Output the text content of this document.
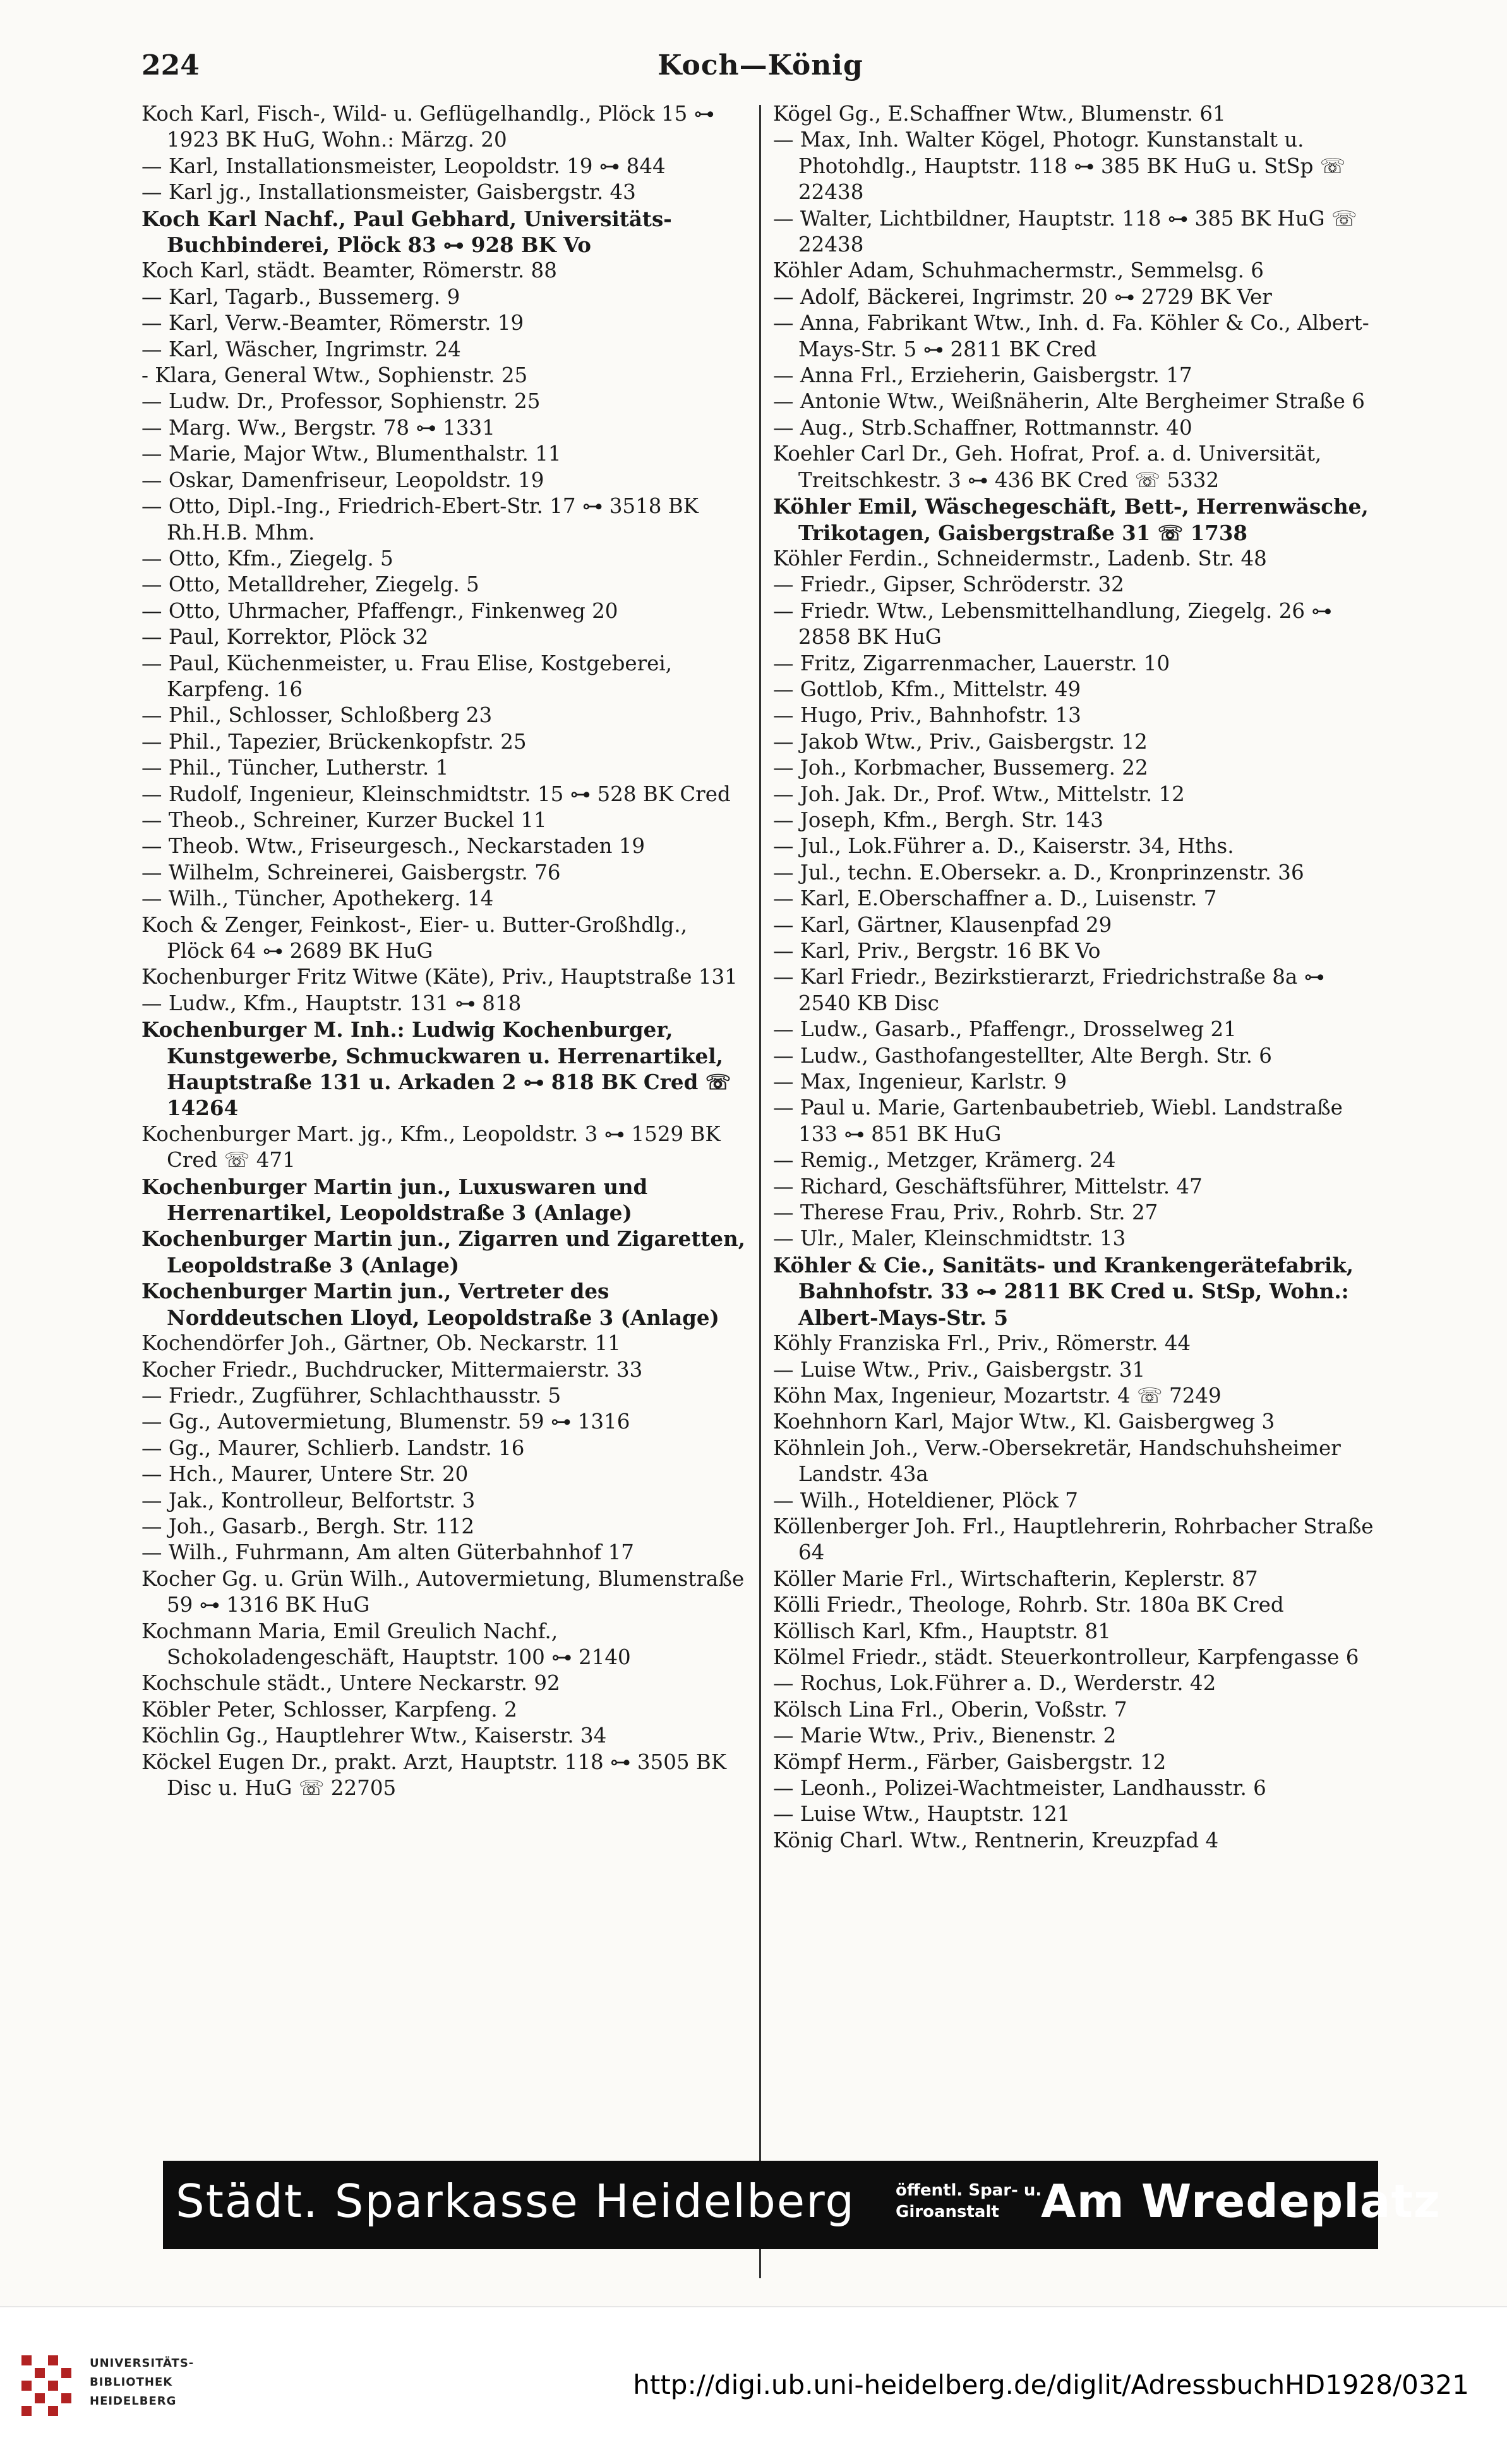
224	Koch—König

Koch Karl, Fisch-, Wild- u. Geflügelhandlg., Plöck 15 ⊶ 1923 BK HuG, Wohn.: Märzg. 20

— Karl, Installationsmeister, Leopoldstr. 19 ⊶ 844

— Karl jg., Installationsmeister, Gaisbergstr. 43

Koch Karl Nachf., Paul Gebhard, Universitäts-Buchbinderei, Plöck 83 ⊶ 928 BK Vo

Koch Karl, städt. Beamter, Römerstr. 88

— Karl, Tagarb., Bussemerg. 9

— Karl, Verw.-Beamter, Römerstr. 19

— Karl, Wäscher, Ingrimstr. 24

- Klara, General Wtw., Sophienstr. 25

— Ludw. Dr., Professor, Sophienstr. 25

— Marg. Ww., Bergstr. 78 ⊶ 1331

— Marie, Major Wtw., Blumenthalstr. 11

— Oskar, Damenfriseur, Leopoldstr. 19

— Otto, Dipl.-Ing., Friedrich-Ebert-Str. 17 ⊶ 3518 BK Rh.H.B. Mhm.

— Otto, Kfm., Ziegelg. 5

— Otto, Metalldreher, Ziegelg. 5

— Otto, Uhrmacher, Pfaffengr., Finkenweg 20

— Paul, Korrektor, Plöck 32

— Paul, Küchenmeister, u. Frau Elise, Kostgeberei, Karpfeng. 16

— Phil., Schlosser, Schloßberg 23

— Phil., Tapezier, Brückenkopfstr. 25

— Phil., Tüncher, Lutherstr. 1

— Rudolf, Ingenieur, Kleinschmidtstr. 15 ⊶ 528 BK Cred

— Theob., Schreiner, Kurzer Buckel 11

— Theob. Wtw., Friseurgesch., Neckarstaden 19

— Wilhelm, Schreinerei, Gaisbergstr. 76

— Wilh., Tüncher, Apothekerg. 14

Koch & Zenger, Feinkost-, Eier- u. Butter-Großhdlg., Plöck 64 ⊶ 2689 BK HuG

Kochenburger Fritz Witwe (Käte), Priv., Hauptstraße 131

— Ludw., Kfm., Hauptstr. 131 ⊶ 818

Kochenburger M. Inh.: Ludwig Kochenburger, Kunstgewerbe, Schmuckwaren u. Herrenartikel, Hauptstraße 131 u. Arkaden 2 ⊶ 818 BK Cred ☏ 14264

Kochenburger Mart. jg., Kfm., Leopoldstr. 3 ⊶ 1529 BK Cred ☏ 471

Kochenburger Martin jun., Luxuswaren und Herrenartikel, Leopoldstraße 3 (Anlage)

Kochenburger Martin jun., Zigarren und Zigaretten, Leopoldstraße 3 (Anlage)

Kochenburger Martin jun., Vertreter des Norddeutschen Lloyd, Leopoldstraße 3 (Anlage)

Kochendörfer Joh., Gärtner, Ob. Neckarstr. 11

Kocher Friedr., Buchdrucker, Mittermaierstr. 33

— Friedr., Zugführer, Schlachthausstr. 5

— Gg., Autovermietung, Blumenstr. 59 ⊶ 1316

— Gg., Maurer, Schlierb. Landstr. 16

— Hch., Maurer, Untere Str. 20

— Jak., Kontrolleur, Belfortstr. 3

— Joh., Gasarb., Bergh. Str. 112

— Wilh., Fuhrmann, Am alten Güterbahnhof 17

Kocher Gg. u. Grün Wilh., Autovermietung, Blumenstraße 59 ⊶ 1316 BK HuG

Kochmann Maria, Emil Greulich Nachf., Schokoladengeschäft, Hauptstr. 100 ⊶ 2140

Kochschule städt., Untere Neckarstr. 92

Köbler Peter, Schlosser, Karpfeng. 2

Köchlin Gg., Hauptlehrer Wtw., Kaiserstr. 34

Köckel Eugen Dr., prakt. Arzt, Hauptstr. 118 ⊶ 3505 BK Disc u. HuG ☏ 22705

Kögel Gg., E.Schaffner Wtw., Blumenstr. 61

— Max, Inh. Walter Kögel, Photogr. Kunstanstalt u. Photohdlg., Hauptstr. 118 ⊶ 385 BK HuG u. StSp ☏ 22438

— Walter, Lichtbildner, Hauptstr. 118 ⊶ 385 BK HuG ☏ 22438

Köhler Adam, Schuhmachermstr., Semmelsg. 6

— Adolf, Bäckerei, Ingrimstr. 20 ⊶ 2729 BK Ver

— Anna, Fabrikant Wtw., Inh. d. Fa. Köhler & Co., Albert-Mays-Str. 5 ⊶ 2811 BK Cred

— Anna Frl., Erzieherin, Gaisbergstr. 17

— Antonie Wtw., Weißnäherin, Alte Bergheimer Straße 6

— Aug., Strb.Schaffner, Rottmannstr. 40

Koehler Carl Dr., Geh. Hofrat, Prof. a. d. Universität, Treitschkestr. 3 ⊶ 436 BK Cred ☏ 5332

Köhler Emil, Wäschegeschäft, Bett-, Herrenwäsche, Trikotagen, Gaisbergstraße 31 ☏ 1738

Köhler Ferdin., Schneidermstr., Ladenb. Str. 48

— Friedr., Gipser, Schröderstr. 32

— Friedr. Wtw., Lebensmittelhandlung, Ziegelg. 26 ⊶ 2858 BK HuG

— Fritz, Zigarrenmacher, Lauerstr. 10

— Gottlob, Kfm., Mittelstr. 49

— Hugo, Priv., Bahnhofstr. 13

— Jakob Wtw., Priv., Gaisbergstr. 12

— Joh., Korbmacher, Bussemerg. 22

— Joh. Jak. Dr., Prof. Wtw., Mittelstr. 12

— Joseph, Kfm., Bergh. Str. 143

— Jul., Lok.Führer a. D., Kaiserstr. 34, Hths.

— Jul., techn. E.Obersekr. a. D., Kronprinzenstr. 36

— Karl, E.Oberschaffner a. D., Luisenstr. 7

— Karl, Gärtner, Klausenpfad 29

— Karl, Priv., Bergstr. 16 BK Vo

— Karl Friedr., Bezirkstierarzt, Friedrichstraße 8a ⊶ 2540 KB Disc

— Ludw., Gasarb., Pfaffengr., Drosselweg 21

— Ludw., Gasthofangestellter, Alte Bergh. Str. 6

— Max, Ingenieur, Karlstr. 9

— Paul u. Marie, Gartenbaubetrieb, Wiebl. Landstraße 133 ⊶ 851 BK HuG

— Remig., Metzger, Krämerg. 24

— Richard, Geschäftsführer, Mittelstr. 47

— Therese Frau, Priv., Rohrb. Str. 27

— Ulr., Maler, Kleinschmidtstr. 13

Köhler & Cie., Sanitäts- und Krankengerätefabrik, Bahnhofstr. 33 ⊶ 2811 BK Cred u. StSp, Wohn.: Albert-Mays-Str. 5

Köhly Franziska Frl., Priv., Römerstr. 44

— Luise Wtw., Priv., Gaisbergstr. 31

Köhn Max, Ingenieur, Mozartstr. 4 ☏ 7249

Koehnhorn Karl, Major Wtw., Kl. Gaisbergweg 3

Köhnlein Joh., Verw.-Obersekretär, Handschuhsheimer Landstr. 43a

— Wilh., Hoteldiener, Plöck 7

Köllenberger Joh. Frl., Hauptlehrerin, Rohrbacher Straße 64

Köller Marie Frl., Wirtschafterin, Keplerstr. 87

Kölli Friedr., Theologe, Rohrb. Str. 180a BK Cred

Köllisch Karl, Kfm., Hauptstr. 81

Kölmel Friedr., städt. Steuerkontrolleur, Karpfengasse 6

— Rochus, Lok.Führer a. D., Werderstr. 42

Kölsch Lina Frl., Oberin, Voßstr. 7

— Marie Wtw., Priv., Bienenstr. 2

Kömpf Herm., Färber, Gaisbergstr. 12

— Leonh., Polizei-Wachtmeister, Landhausstr. 6

— Luise Wtw., Hauptstr. 121

König Charl. Wtw., Rentnerin, Kreuzpfad 4

Städt. Sparkasse Heidelberg öffentl. Spar- u.
Giroanstalt Am Wredeplatz
UNIVERSITÄTS-
BIBLIOTHEK
HEIDELBERG
http://digi.ub.uni-heidelberg.de/diglit/AdressbuchHD1928/0321
